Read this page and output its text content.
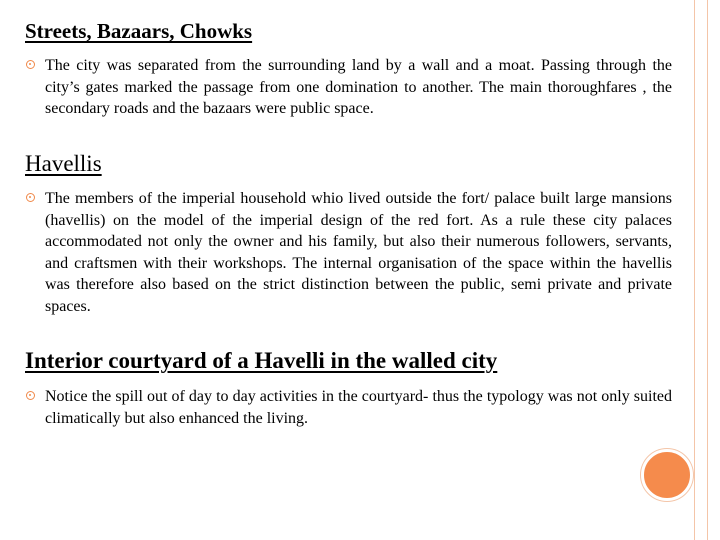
Streets, Bazaars, Chowks

The city was separated from the surrounding land by a wall and a moat. Passing through the city’s gates marked the passage from one domination to another. The main thoroughfares , the secondary roads and the bazaars were public space.

Havellis

The members of the imperial household whio lived outside the fort/ palace built large mansions (havellis) on the model of the imperial design of the red fort. As a rule these city palaces accommodated not only the owner and his family, but also their numerous followers, servants, and craftsmen with their workshops. The internal organisation of the space within the havellis was therefore also based on the strict distinction between the public, semi private and private spaces.

Interior courtyard of a Havelli in the walled city

Notice the spill out of day to day activities in the courtyard- thus the typology was not only suited climatically but also enhanced the living.
